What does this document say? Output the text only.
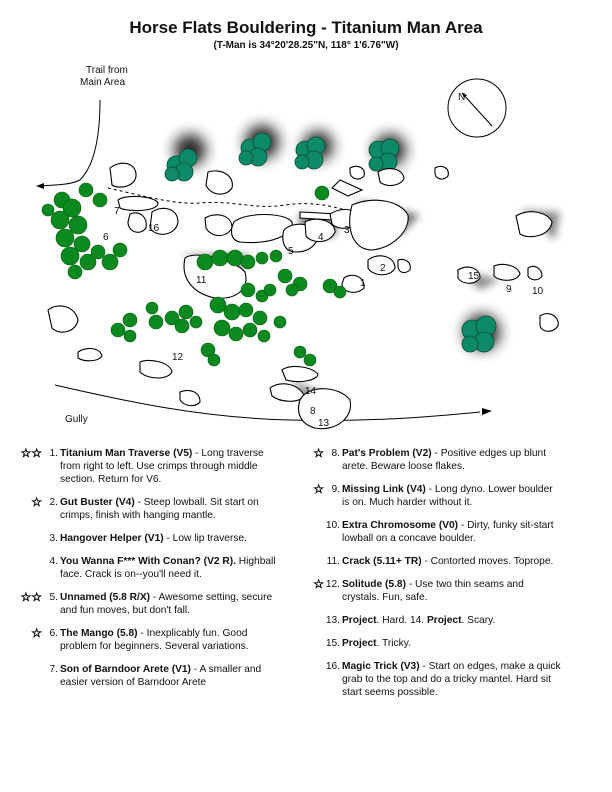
Horse Flats Bouldering - Titanium Man Area
(T-Man is 34°20'28.25"N, 118° 1'6.76"W)
Trail from
Main Area
Gully
N
1
2
3
4
5
6
7
8
9 10
11
12
13
14
15
16
☆☆ 1. Titanium Man Traverse (V5) - Long traverse from right to left. Use crimps through middle section. Return for V6.
☆ 2. Gut Buster (V4) - Steep lowball. Sit start on crimps, finish with hanging mantle.
3. Hangover Helper (V1) - Low lip traverse.
4. You Wanna F*** With Conan? (V2 R). Highball face. Crack is on--you'll need it.
☆☆ 5. Unnamed (5.8 R/X) - Awesome setting, secure and fun moves, but don't fall.
☆ 6. The Mango (5.8) - Inexplicably fun. Good problem for beginners. Several variations.
7. Son of Barndoor Arete (V1) - A smaller and easier version of Barndoor Arete
☆ 8. Pat's Problem (V2) - Positive edges up blunt arete. Beware loose flakes.
☆ 9. Missing Link (V4) - Long dyno. Lower boulder is on. Much harder without it.
10. Extra Chromosome (V0) - Dirty, funky sit-start lowball on a concave boulder.
11. Crack (5.11+ TR) - Contorted moves. Toprope.
☆ 12. Solitude (5.8) - Use two thin seams and crystals. Fun, safe.
13. Project. Hard. 14. Project. Scary.
15. Project. Tricky.
16. Magic Trick (V3) - Start on edges, make a quick grab to the top and do a tricky mantel. Hard sit start seems possible.
